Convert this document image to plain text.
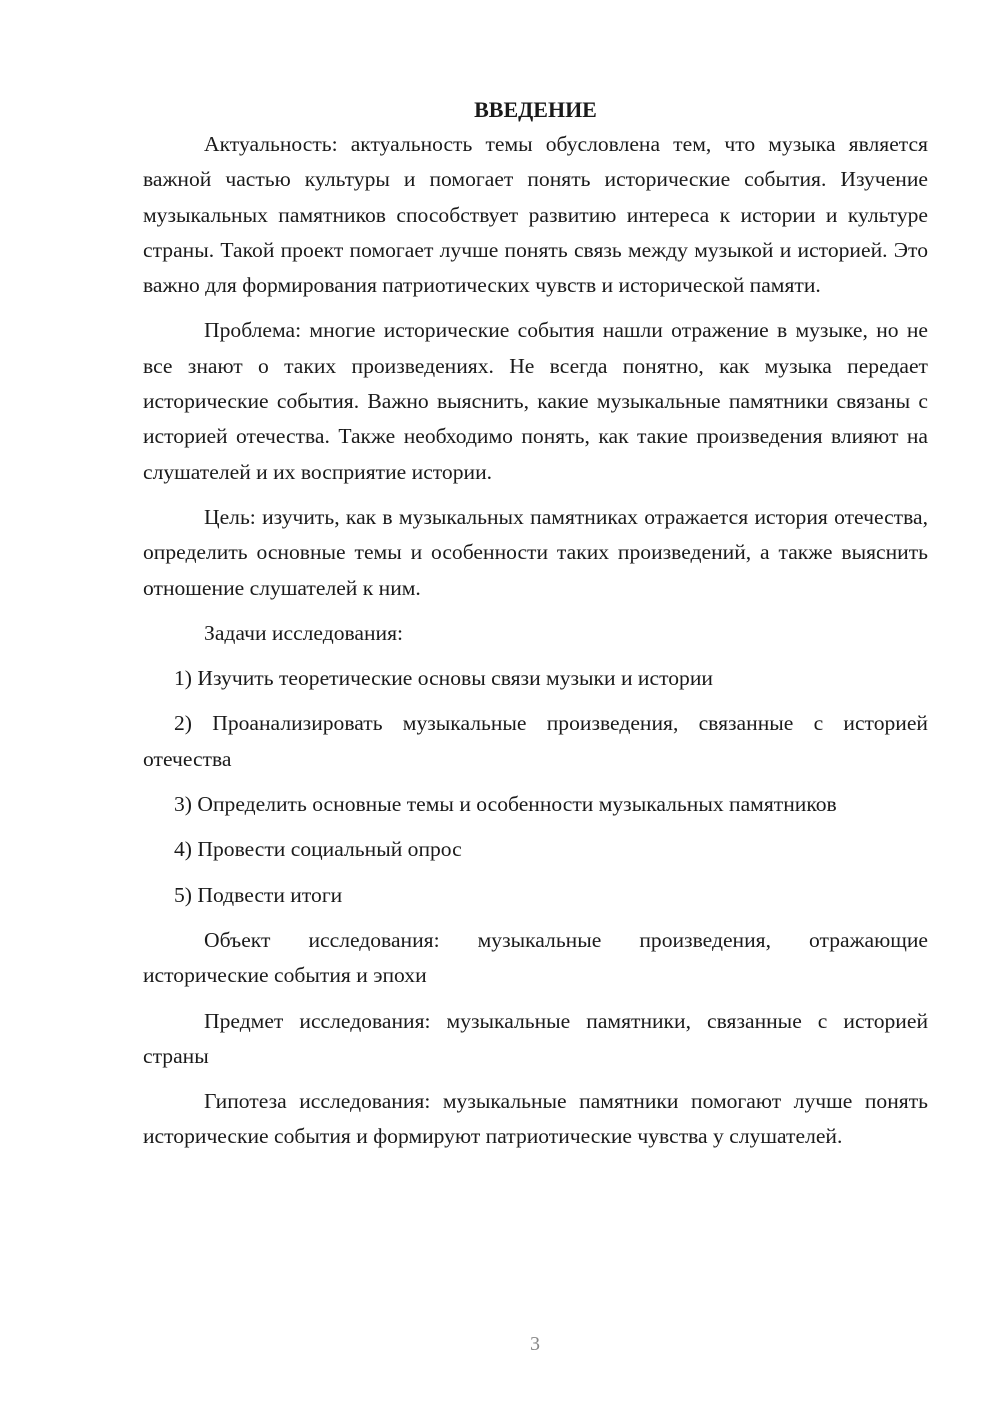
ВВЕДЕНИЕ

Актуальность: актуальность темы обусловлена тем, что музыка является важной частью культуры и помогает понять исторические события. Изучение музыкальных памятников способствует развитию интереса к истории и культуре страны. Такой проект помогает лучше понять связь между музыкой и историей. Это важно для формирования патриотических чувств и исторической памяти.

Проблема: многие исторические события нашли отражение в музыке, но не все знают о таких произведениях. Не всегда понятно, как музыка передает исторические события. Важно выяснить, какие музыкальные памятники связаны с историей отечества. Также необходимо понять, как такие произведения влияют на слушателей и их восприятие истории.

Цель: изучить, как в музыкальных памятниках отражается история отечества, определить основные темы и особенности таких произведений, а также выяснить отношение слушателей к ним.

Задачи исследования:

1) Изучить теоретические основы связи музыки и истории

2) Проанализировать музыкальные произведения, связанные с историей отечества

3) Определить основные темы и особенности музыкальных памятников

4) Провести социальный опрос

5) Подвести итоги

Объект исследования: музыкальные произведения, отражающие исторические события и эпохи

Предмет исследования: музыкальные памятники, связанные с историей страны

Гипотеза исследования: музыкальные памятники помогают лучше понять исторические события и формируют патриотические чувства у слушателей.

3
